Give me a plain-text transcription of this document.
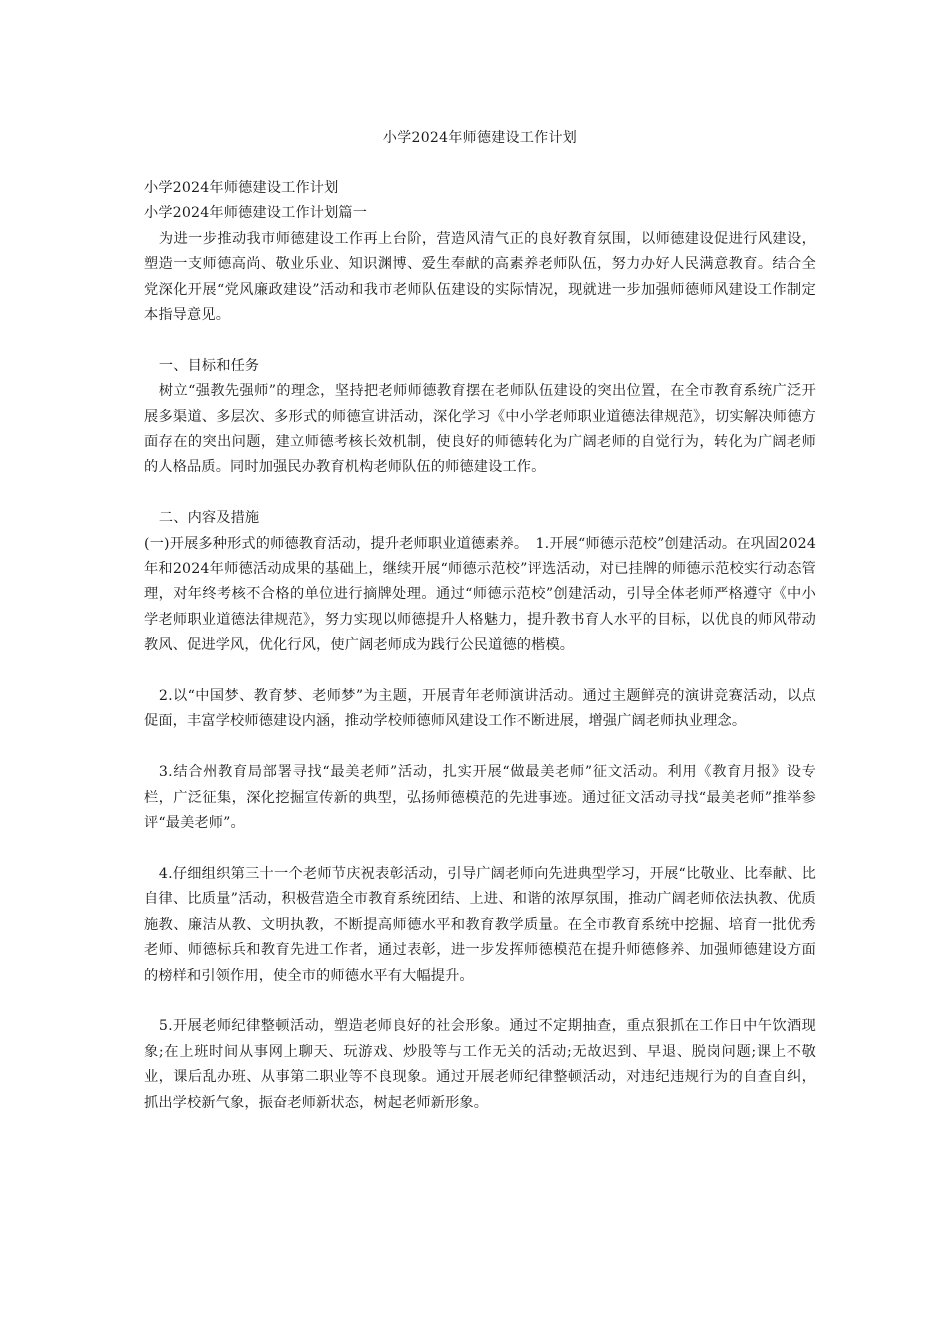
小学2024年师德建设工作计划

小学2024年师德建设工作计划

小学2024年师德建设工作计划篇一

为进一步推动我市师德建设工作再上台阶，营造风清气正的良好教育氛围，以师德建设促进行风建设，塑造一支师德高尚、敬业乐业、知识渊博、爱生奉献的高素养老师队伍，努力办好人民满意教育。结合全党深化开展“党风廉政建设”活动和我市老师队伍建设的实际情况，现就进一步加强师德师风建设工作制定本指导意见。

一、目标和任务

树立“强教先强师”的理念，坚持把老师师德教育摆在老师队伍建设的突出位置，在全市教育系统广泛开展多渠道、多层次、多形式的师德宣讲活动，深化学习《中小学老师职业道德法律规范》，切实解决师德方面存在的突出问题，建立师德考核长效机制，使良好的师德转化为广阔老师的自觉行为，转化为广阔老师的人格品质。同时加强民办教育机构老师队伍的师德建设工作。

二、内容及措施

(一)开展多种形式的师德教育活动，提升老师职业道德素养。　1.开展“师德示范校”创建活动。在巩固2024年和2024年师德活动成果的基础上，继续开展“师德示范校”评选活动，对已挂牌的师德示范校实行动态管理，对年终考核不合格的单位进行摘牌处理。通过“师德示范校”创建活动，引导全体老师严格遵守《中小学老师职业道德法律规范》，努力实现以师德提升人格魅力，提升教书育人水平的目标，以优良的师风带动教风、促进学风，优化行风，使广阔老师成为践行公民道德的楷模。

2.以“中国梦、教育梦、老师梦”为主题，开展青年老师演讲活动。通过主题鲜亮的演讲竞赛活动，以点促面，丰富学校师德建设内涵，推动学校师德师风建设工作不断进展，增强广阔老师执业理念。

3.结合州教育局部署寻找“最美老师”活动，扎实开展“做最美老师”征文活动。利用《教育月报》设专栏，广泛征集，深化挖掘宣传新的典型，弘扬师德模范的先进事迹。通过征文活动寻找“最美老师”推举参评“最美老师”。

4.仔细组织第三十一个老师节庆祝表彰活动，引导广阔老师向先进典型学习，开展“比敬业、比奉献、比自律、比质量”活动，积极营造全市教育系统团结、上进、和谐的浓厚氛围，推动广阔老师依法执教、优质施教、廉洁从教、文明执教，不断提高师德水平和教育教学质量。在全市教育系统中挖掘、培育一批优秀老师、师德标兵和教育先进工作者，通过表彰，进一步发挥师德模范在提升师德修养、加强师德建设方面的榜样和引领作用，使全市的师德水平有大幅提升。

5.开展老师纪律整顿活动，塑造老师良好的社会形象。通过不定期抽查，重点狠抓在工作日中午饮酒现象;在上班时间从事网上聊天、玩游戏、炒股等与工作无关的活动;无故迟到、早退、脱岗问题;课上不敬业，课后乱办班、从事第二职业等不良现象。通过开展老师纪律整顿活动，对违纪违规行为的自查自纠，抓出学校新气象，振奋老师新状态，树起老师新形象。
